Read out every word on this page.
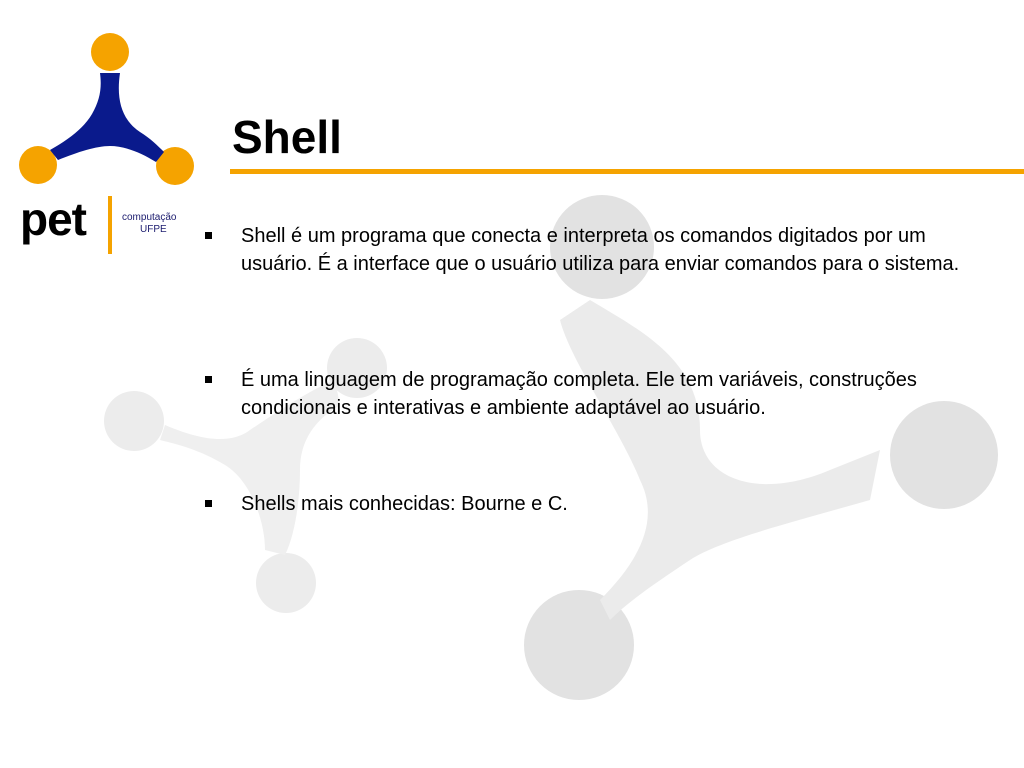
pet	computação
UFPE
Shell
Shell é um programa que conecta e interpreta os comandos digitados por um usuário. É a interface que o usuário utiliza para enviar comandos para o sistema.
É uma linguagem de programação completa. Ele tem variáveis, construções condicionais e interativas e ambiente adaptável ao usuário.
Shells mais conhecidas: Bourne e C.
